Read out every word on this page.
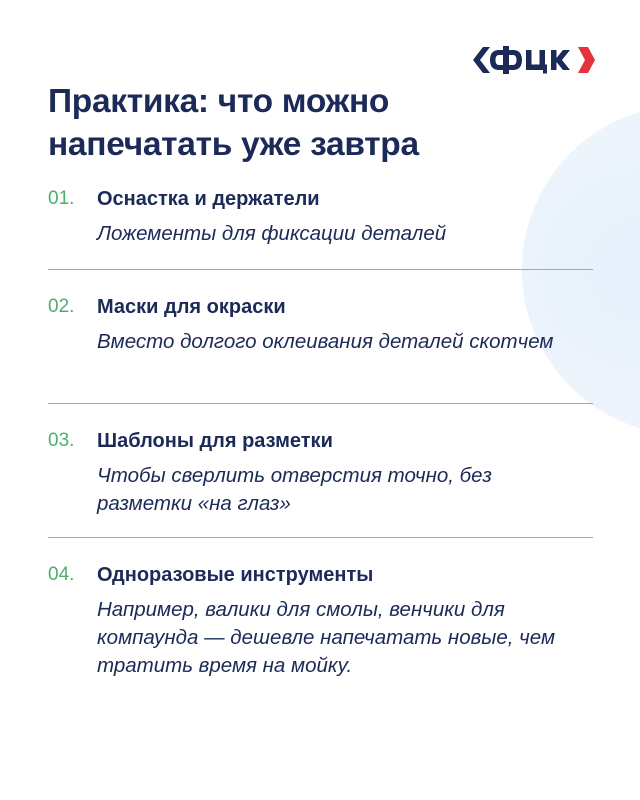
Практика: что можно напечатать уже завтра
01. Оснастка и держатели
Ложементы для фиксации деталей
02. Маски для окраски
Вместо долгого оклеивания деталей скотчем
03. Шаблоны для разметки
Чтобы сверлить отверстия точно, без разметки «на глаз»
04. Одноразовые инструменты
Например, валики для смолы, венчики для компаунда — дешевле напечатать новые, чем тратить время на мойку.
